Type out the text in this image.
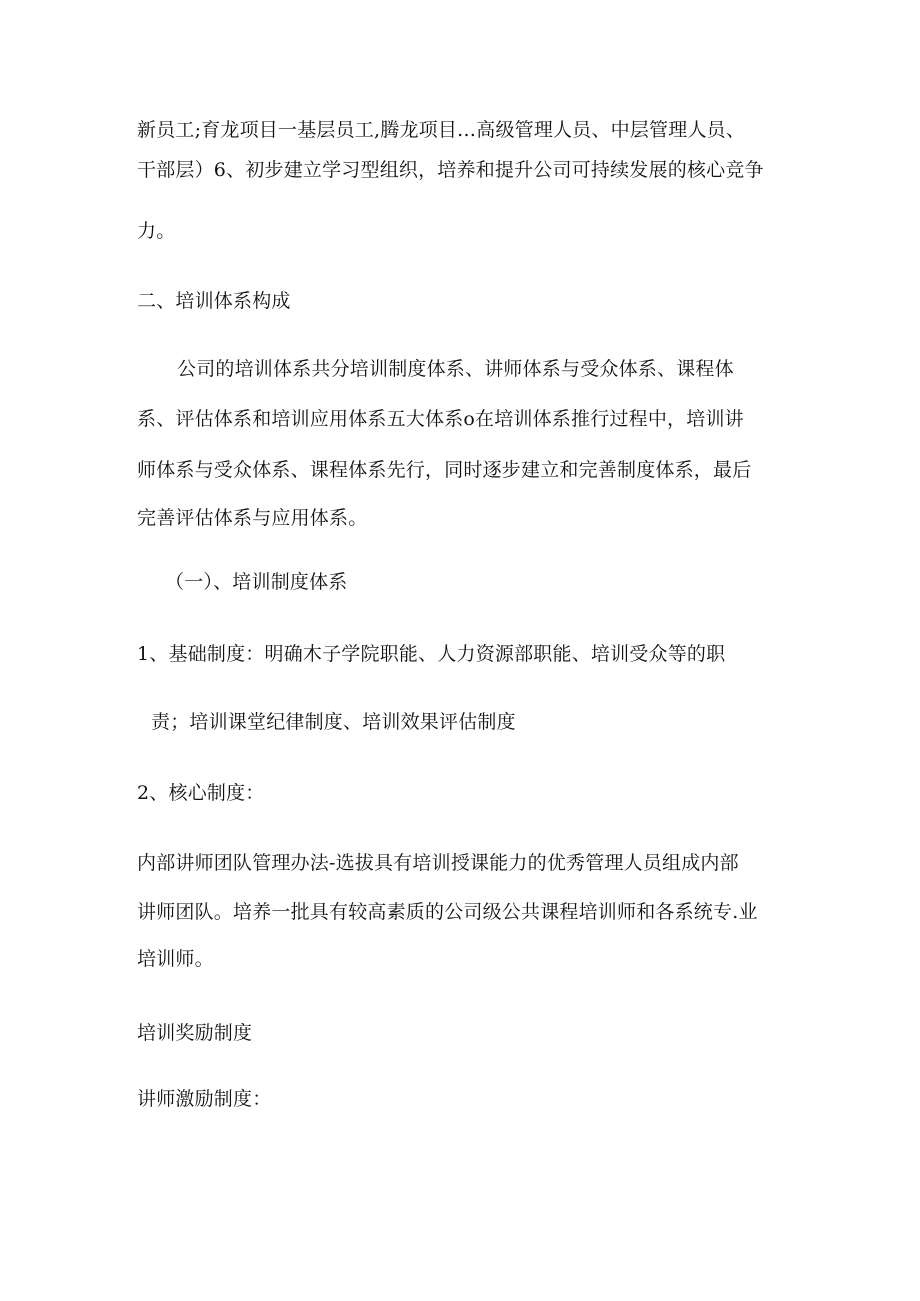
新员工;育龙项目一基层员工,腾龙项目…高级管理人员、中层管理人员、
干部层）6、初步建立学习型组织，培养和提升公司可持续发展的核心竞争
力。
二、培训体系构成
公司的培训体系共分培训制度体系、讲师体系与受众体系、课程体
系、评估体系和培训应用体系五大体系o在培训体系推行过程中，培训讲
师体系与受众体系、课程体系先行，同时逐步建立和完善制度体系，最后
完善评估体系与应用体系。
（一）、培训制度体系
1、基础制度：明确木子学院职能、人力资源部职能、培训受众等的职
责；培训课堂纪律制度、培训效果评估制度
2、核心制度：
内部讲师团队管理办法-选拔具有培训授课能力的优秀管理人员组成内部
讲师团队。培养一批具有较高素质的公司级公共课程培训师和各系统专.业
培训师。
培训奖励制度
讲师激励制度：
